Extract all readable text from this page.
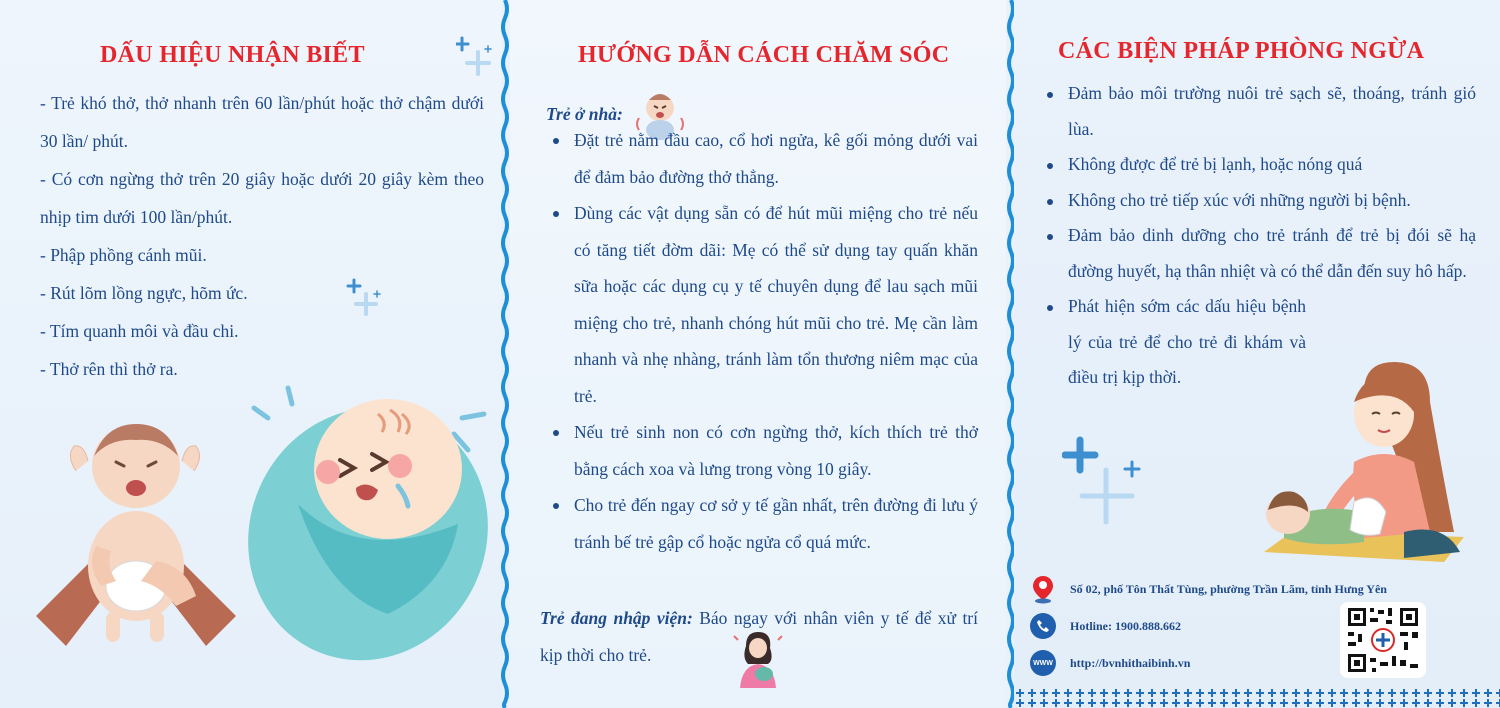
DẤU HIỆU NHẬN BIẾT

- Trẻ khó thở, thở nhanh trên 60 lần/phút hoặc thở chậm dưới 30 lần/ phút.

- Có cơn ngừng thở trên 20 giây hoặc dưới 20 giây kèm theo nhịp tim dưới 100 lần/phút.

- Phập phồng cánh mũi.

- Rút lõm lồng ngực, hõm ức.

- Tím quanh môi và đầu chi.

- Thở rên thì thở ra.

HƯỚNG DẪN CÁCH CHĂM SÓC
Trẻ ở nhà:
Đặt trẻ nằm đầu cao, cổ hơi ngửa, kê gối mỏng dưới vai để đảm bảo đường thở thẳng.
Dùng các vật dụng sẵn có để hút mũi miệng cho trẻ nếu có tăng tiết đờm dãi: Mẹ có thể sử dụng tay quấn khăn sữa hoặc các dụng cụ y tế chuyên dụng để lau sạch mũi miệng cho trẻ, nhanh chóng hút mũi cho trẻ. Mẹ cần làm nhanh và nhẹ nhàng, tránh làm tổn thương niêm mạc của trẻ.
Nếu trẻ sinh non có cơn ngừng thở, kích thích trẻ thở bằng cách xoa và lưng trong vòng 10 giây.
Cho trẻ đến ngay cơ sở y tế gần nhất, trên đường đi lưu ý tránh bế trẻ gập cổ hoặc ngửa cổ quá mức.

Trẻ đang nhập viện: Báo ngay với nhân viên y tế để xử trí kịp thời cho trẻ.

CÁC BIỆN PHÁP PHÒNG NGỪA
Đảm bảo môi trường nuôi trẻ sạch sẽ, thoáng, tránh gió lùa.
Không được để trẻ bị lạnh, hoặc nóng quá
Không cho trẻ tiếp xúc với những người bị bệnh.
Đảm bảo dinh dưỡng cho trẻ tránh để trẻ bị đói sẽ hạ đường huyết, hạ thân nhiệt và có thể dẫn đến suy hô hấp.
Phát hiện sớm các dấu hiệu bệnh lý của trẻ để cho trẻ đi khám và điều trị kịp thời.
Số 02, phố Tôn Thất Tùng, phường Trần Lãm, tỉnh Hưng Yên
Hotline: 1900.888.662
WWW http://bvnhithaibinh.vn
